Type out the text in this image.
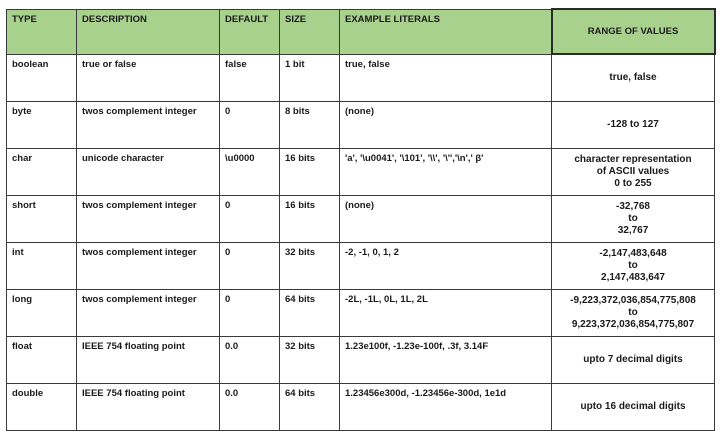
TYPE	DESCRIPTION	DEFAULT	SIZE	EXAMPLE LITERALS	RANGE OF VALUES
boolean	true or false	false	1 bit	true, false	true, false

byte	twos complement integer	0	8 bits	(none)	-128 to 127

char	unicode character	\u0000	16 bits	'a', '\u0041', '\101', '\\', '\'','\n',' β'	character representation
of ASCII values
0 to 255

short	twos complement integer	0	16 bits	(none)	-32,768
to
32,767

int	twos complement integer	0	32 bits	-2, -1, 0, 1, 2	-2,147,483,648
to
2,147,483,647

long	twos complement integer	0	64 bits	-2L, -1L, 0L, 1L, 2L	-9,223,372,036,854,775,808
to
9,223,372,036,854,775,807

float	IEEE 754 floating point	0.0	32 bits	1.23e100f, -1.23e-100f, .3f, 3.14F	upto 7 decimal digits

double	IEEE 754 floating point	0.0	64 bits	1.23456e300d, -1.23456e-300d, 1e1d	upto 16 decimal digits
